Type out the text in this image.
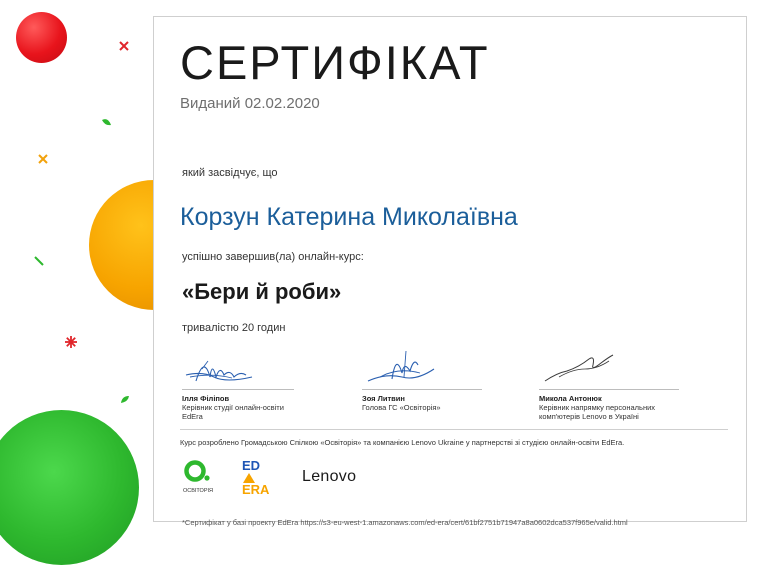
СЕРТИФІКАТ
Виданий 02.02.2020
який засвідчує, що
Корзун Катерина Миколаївна
успішно завершив(ла) онлайн-курс:
«Бери й роби»
тривалістю 20 годин
Ілля Філіпов
Керівник студії онлайн-освіти EdEra
Зоя Литвин
Голова ГС «Освіторія»
Микола Антонюк
Керівник напрямку персональних
комп'ютерів Lenovo в Україні
Курс розроблено Громадською Спілкою «Освіторія» та компанією Lenovo Ukraine у партнерстві зі студією онлайн-освіти EdEra.
ОСВІТОРІЯ
ED
ERA
Lenovo
*Сертифікат у базі проекту EdEra https://s3-eu-west-1.amazonaws.com/ed-era/cert/61bf2751b71947a8a0602dca537f965e/valid.html
